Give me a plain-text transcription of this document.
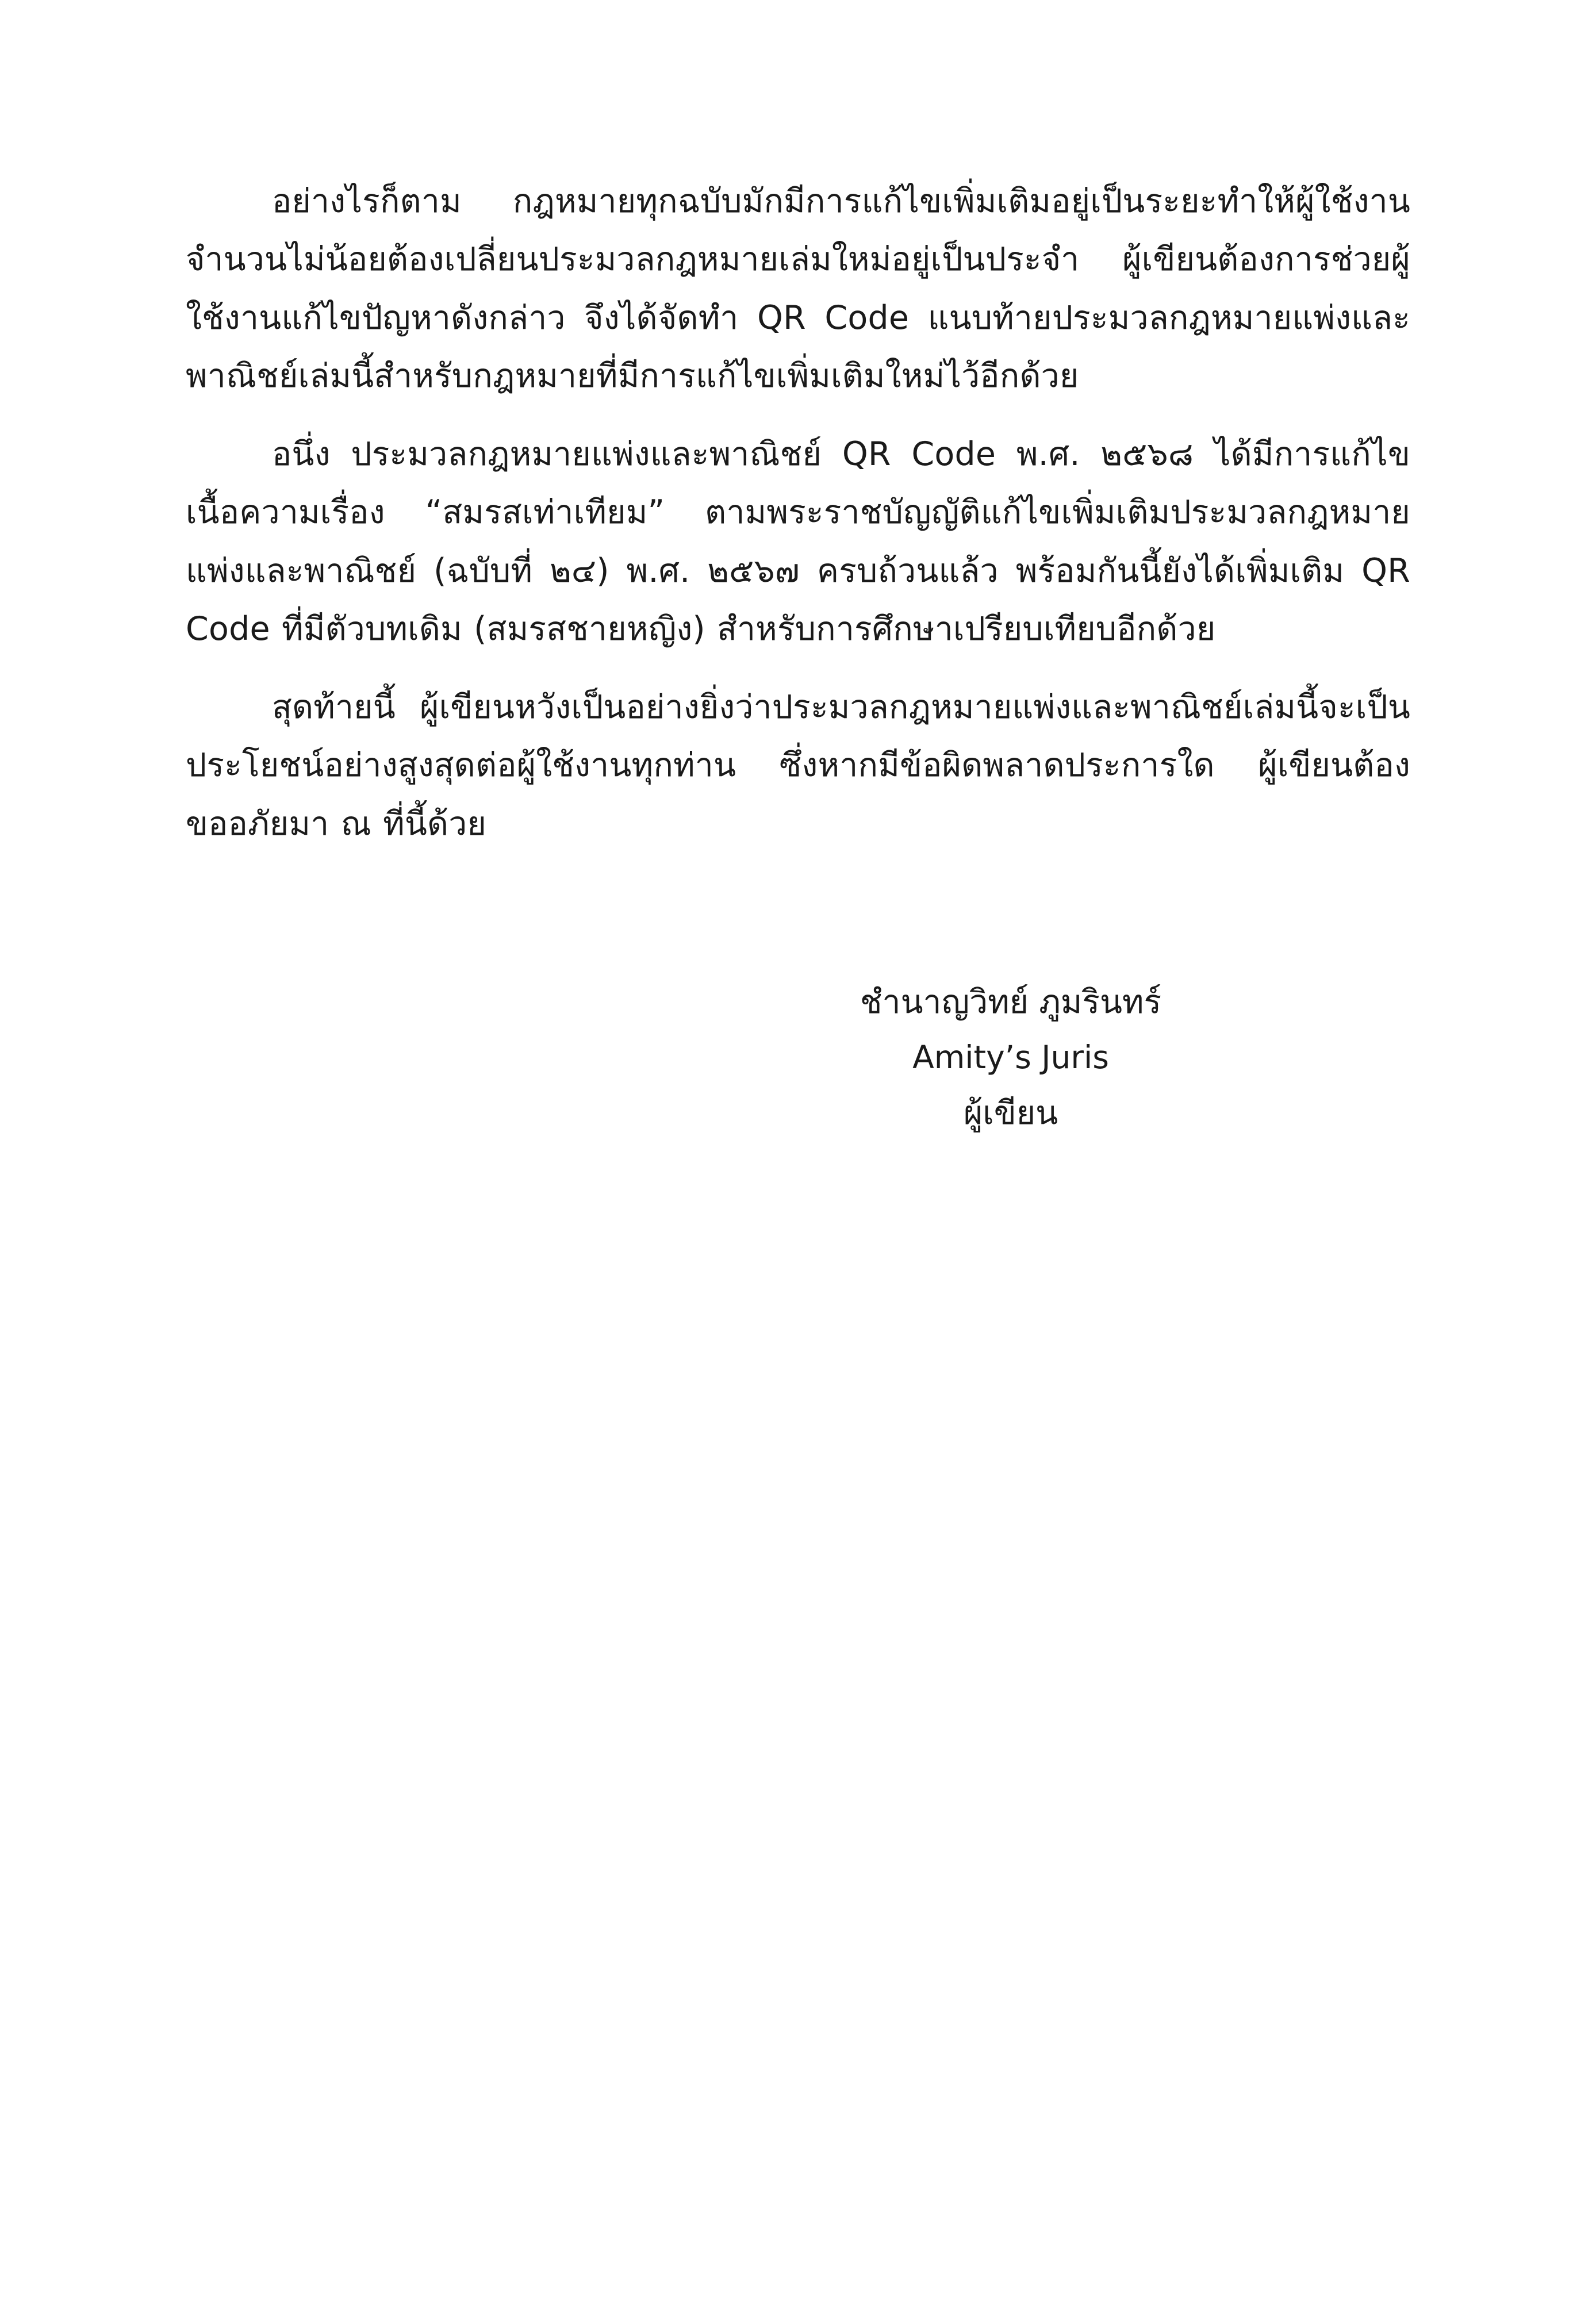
อย่างไรก็ตาม กฎหมายทุกฉบับมักมีการแก้ไขเพิ่มเติมอยู่เป็นระยะทำให้ผู้ใช้งานจำนวนไม่น้อยต้องเปลี่ยนประมวลกฎหมายเล่มใหม่อยู่เป็นประจำ ผู้เขียนต้องการช่วยผู้ใช้งานแก้ไขปัญหาดังกล่าว จึงได้จัดทำ QR Code แนบท้ายประมวลกฎหมายแพ่งและพาณิชย์เล่มนี้สำหรับกฎหมายที่มีการแก้ไขเพิ่มเติมใหม่ไว้อีกด้วย

อนึ่ง ประมวลกฎหมายแพ่งและพาณิชย์ QR Code พ.ศ. ๒๕๖๘ ได้มีการแก้ไขเนื้อความเรื่อง “สมรสเท่าเทียม” ตามพระราชบัญญัติแก้ไขเพิ่มเติมประมวลกฎหมายแพ่งและพาณิชย์ (ฉบับที่ ๒๔) พ.ศ. ๒๕๖๗ ครบถ้วนแล้ว พร้อมกันนี้ยังได้เพิ่มเติม QR Code ที่มีตัวบทเดิม (สมรสชายหญิง) สำหรับการศึกษาเปรียบเทียบอีกด้วย

สุดท้ายนี้ ผู้เขียนหวังเป็นอย่างยิ่งว่าประมวลกฎหมายแพ่งและพาณิชย์เล่มนี้จะเป็นประโยชน์อย่างสูงสุดต่อผู้ใช้งานทุกท่าน ซึ่งหากมีข้อผิดพลาดประการใด ผู้เขียนต้องขออภัยมา ณ ที่นี้ด้วย

ชำนาญวิทย์ ภูมรินทร์
Amity’s Juris
ผู้เขียน
